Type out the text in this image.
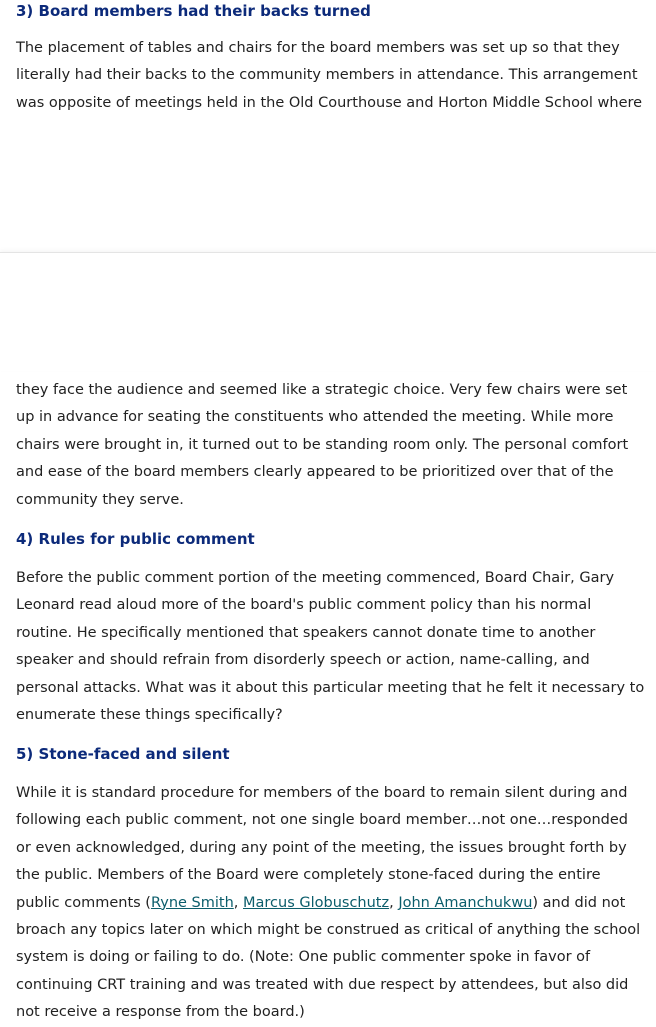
3) Board members had their backs turned

The placement of tables and chairs for the board members was set up so that they literally had their backs to the community members in attendance. This arrangement was opposite of meetings held in the Old Courthouse and Horton Middle School where

they face the audience and seemed like a strategic choice. Very few chairs were set up in advance for seating the constituents who attended the meeting. While more chairs were brought in, it turned out to be standing room only. The personal comfort and ease of the board members clearly appeared to be prioritized over that of the community they serve.

4) Rules for public comment

Before the public comment portion of the meeting commenced, Board Chair, Gary Leonard read aloud more of the board's public comment policy than his normal routine. He specifically mentioned that speakers cannot donate time to another speaker and should refrain from disorderly speech or action, name-calling, and personal attacks. What was it about this particular meeting that he felt it necessary to enumerate these things specifically?

5) Stone-faced and silent

While it is standard procedure for members of the board to remain silent during and following each public comment, not one single board member…not one…responded or even acknowledged, during any point of the meeting, the issues brought forth by the public. Members of the Board were completely stone-faced during the entire public comments (Ryne Smith, Marcus Globuschutz, John Amanchukwu) and did not broach any topics later on which might be construed as critical of anything the school system is doing or failing to do. (Note: One public commenter spoke in favor of continuing CRT training and was treated with due respect by attendees, but also did not receive a response from the board.)
